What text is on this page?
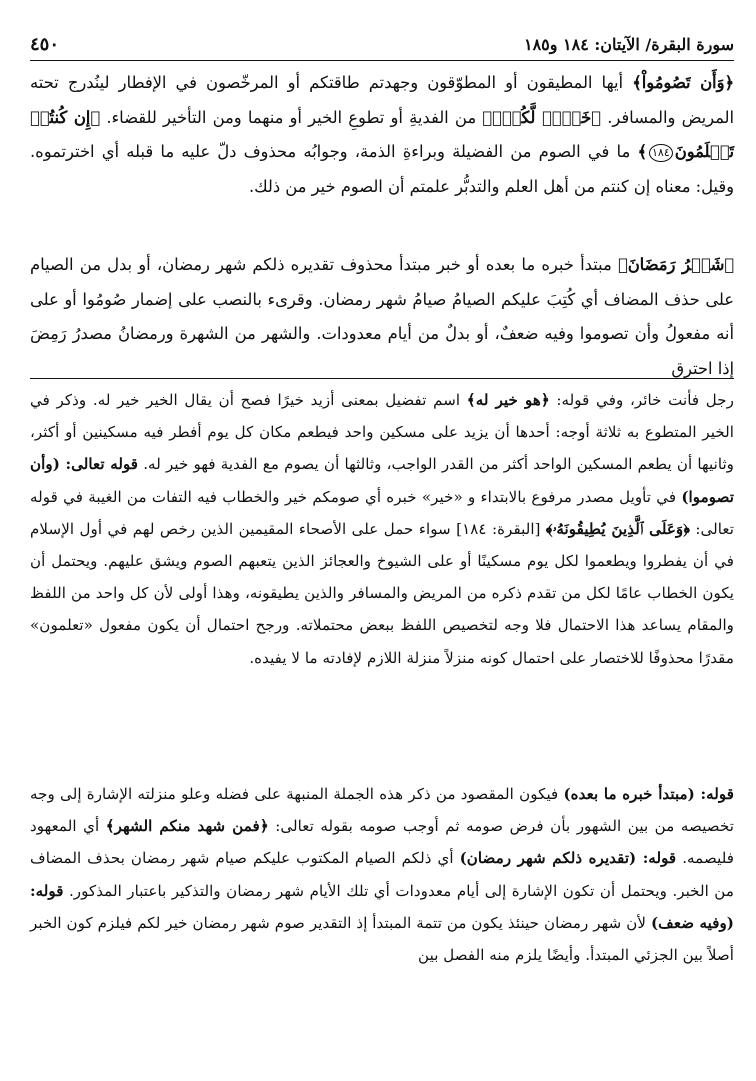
٤٥٠	سورة البقرة/ الآيتان: ١٨٤ و١٨٥

﴿وَأَن تَصُومُواْ﴾ أيها المطيقون أو المطوّقون وجهدتم طاقتكم أو المرخّصون في الإفطار لينُدرج تحته المريض والمسافر. ﴿خَيۡرٞ لَّكُمۡۖ﴾ من الفديةِ أو تطوعِ الخير أو منهما ومن التأخير للقضاء. ﴿إِن كُنتُمۡ تَعۡلَمُونَ١٨٤﴾ ما في الصوم من الفضيلة وبراءةِ الذمة، وجوابُه محذوف دلّ عليه ما قبله أي اخترتموه. وقيل: معناه إن كنتم من أهل العلم والتدبُّر علمتم أن الصوم خير من ذلك.

﴿شَهۡرُ رَمَضَانَ﴾ مبتدأ خبره ما بعده أو خبر مبتدأ محذوف تقديره ذلكم شهر رمضان، أو بدل من الصيام على حذف المضاف أي كُتِبَ عليكم الصيامُ صيامُ شهر رمضان. وقرىء بالنصب على إضمار صُومُوا أو على أنه مفعولُ وأن تصوموا وفيه ضعفٌ، أو بدلٌ من أيام معدودات. والشهر من الشهرة ورمضانُ مصدرُ رَمِضَ إذا احترق

رجل فأنت خائر، وفي قوله: ﴿هو خير له﴾ اسم تفضيل بمعنى أزيد خيرًا فصح أن يقال الخير خير له. وذكر في الخير المتطوع به ثلاثة أوجه: أحدها أن يزيد على مسكين واحد فيطعم مكان كل يوم أفطر فيه مسكينين أو أكثر، وثانيها أن يطعم المسكين الواحد أكثر من القدر الواجب، وثالثها أن يصوم مع الفدية فهو خير له. قوله تعالى: (وأن تصوموا) في تأويل مصدر مرفوع بالابتداء و «خير» خبره أي صومكم خير والخطاب فيه التفات من الغيبة في قوله تعالى: ﴿وَعَلَى ٱلَّذِينَ يُطِيقُونَهُۥ﴾ [البقرة: ١٨٤] سواء حمل على الأصحاء المقيمين الذين رخص لهم في أول الإسلام في أن يفطروا ويطعموا لكل يوم مسكينًا أو على الشيوخ والعجائز الذين يتعبهم الصوم ويشق عليهم. ويحتمل أن يكون الخطاب عامًا لكل من تقدم ذكره من المريض والمسافر والذين يطيقونه، وهذا أولى لأن كل واحد من اللفظ والمقام يساعد هذا الاحتمال فلا وجه لتخصيص اللفظ ببعض محتملاته. ورجح احتمال أن يكون مفعول «تعلمون» مقدرًا محذوفًا للاختصار على احتمال كونه منزلاً منزلة اللازم لإفادته ما لا يفيده.

قوله: (مبتدأ خبره ما بعده) فيكون المقصود من ذكر هذه الجملة المنبهة على فضله وعلو منزلته الإشارة إلى وجه تخصيصه من بين الشهور بأن فرض صومه ثم أوجب صومه بقوله تعالى: ﴿فمن شهد منكم الشهر﴾ أي المعهود فليصمه. قوله: (تقديره ذلكم شهر رمضان) أي ذلكم الصيام المكتوب عليكم صيام شهر رمضان بحذف المضاف من الخبر. ويحتمل أن تكون الإشارة إلى أيام معدودات أي تلك الأيام شهر رمضان والتذكير باعتبار المذكور. قوله: (وفيه ضعف) لأن شهر رمضان حينئذ يكون من تتمة المبتدأ إذ التقدير صوم شهر رمضان خير لكم فيلزم كون الخبر أصلاً بين الجزئي المبتدأ. وأيضًا يلزم منه الفصل بين
